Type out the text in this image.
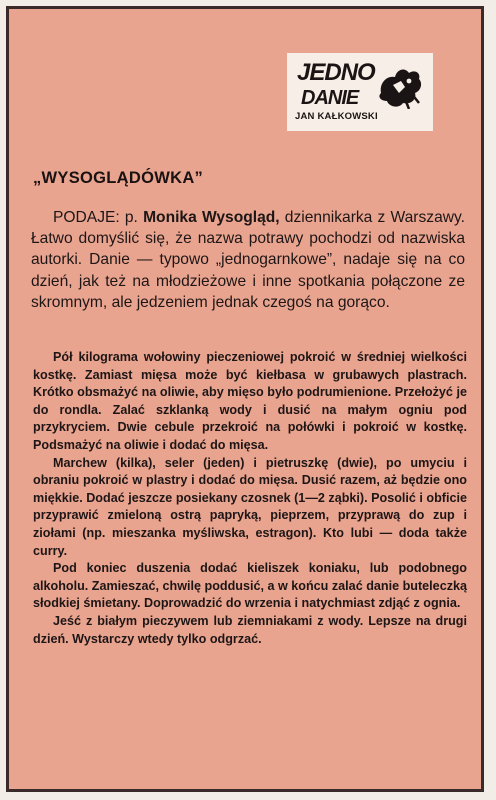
JEDNO
DANIE
JAN KAŁKOWSKI
„WYSOGLĄDÓWKA”

PODAJE: p. Monika Wysogląd, dziennikarka z Warszawy. Łatwo domyślić się, że nazwa potrawy pochodzi od nazwiska autorki. Danie — typowo „jednogarnkowe”, nadaje się na co dzień, jak też na młodzieżowe i inne spotkania połączone ze skromnym, ale jedzeniem jednak czegoś na gorąco.

Pół kilograma wołowiny pieczeniowej pokroić w średniej wielkości kostkę. Zamiast mięsa może być kiełbasa w grubawych plastrach. Krótko obsmażyć na oliwie, aby mięso było podrumienione. Przełożyć je do rondla. Zalać szklanką wody i dusić na małym ogniu pod przykryciem. Dwie cebule przekroić na połówki i pokroić w kostkę. Podsmażyć na oliwie i dodać do mięsa.

Marchew (kilka), seler (jeden) i pietruszkę (dwie), po umyciu i obraniu pokroić w plastry i dodać do mięsa. Dusić razem, aż będzie ono miękkie. Dodać jeszcze posiekany czosnek (1—2 ząbki). Posolić i obficie przyprawić zmieloną ostrą papryką, pieprzem, przyprawą do zup i ziołami (np. mieszanka myśliwska, estragon). Kto lubi — doda także curry.

Pod koniec duszenia dodać kieliszek koniaku, lub podobnego alkoholu. Zamieszać, chwilę poddusić, a w końcu zalać danie buteleczką słodkiej śmietany. Doprowadzić do wrzenia i natychmiast zdjąć z ognia.

Jeść z białym pieczywem lub ziemniakami z wody. Lepsze na drugi dzień. Wystarczy wtedy tylko odgrzać.
